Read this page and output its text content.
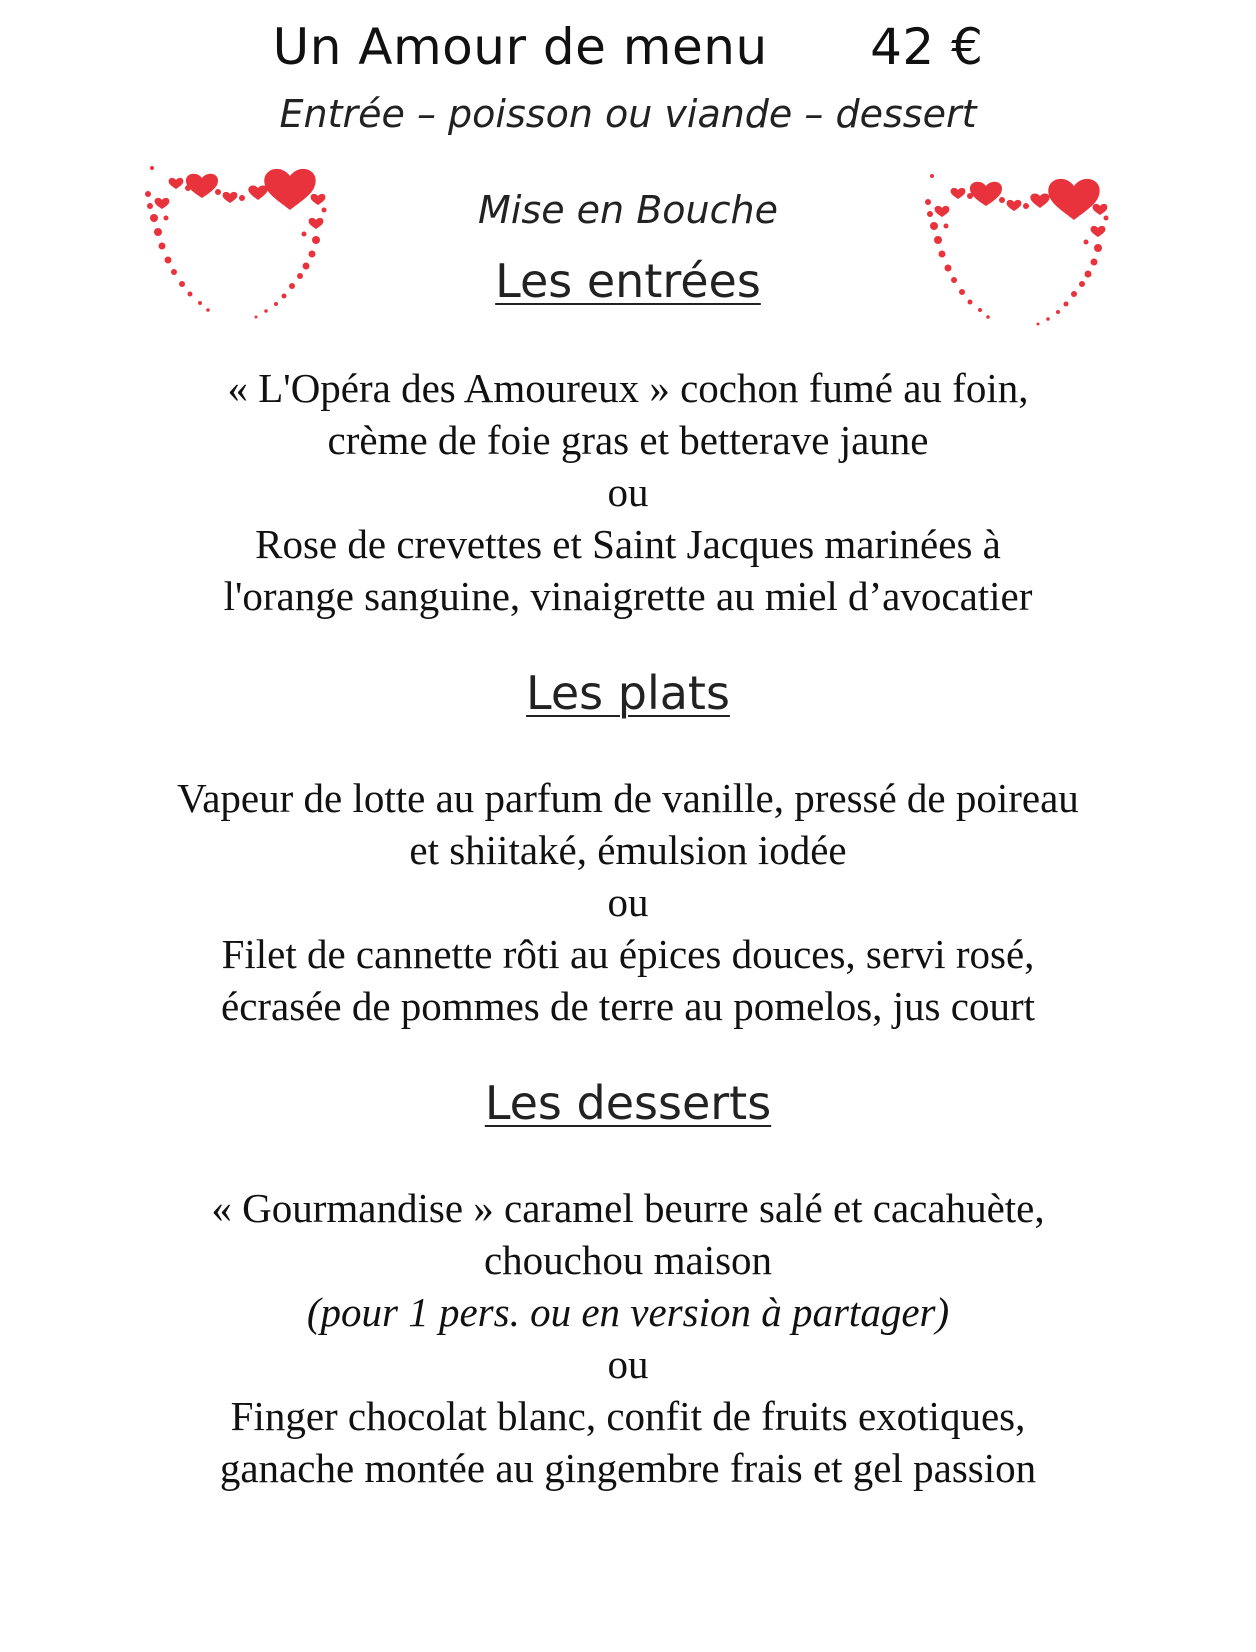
Un Amour de menu 42 €
Entrée – poisson ou viande – dessert
Mise en Bouche
Les entrées
« L'Opéra des Amoureux » cochon fumé au foin,
crème de foie gras et betterave jaune
ou
Rose de crevettes et Saint Jacques marinées à
l'orange sanguine, vinaigrette au miel d’avocatier
Les plats
Vapeur de lotte au parfum de vanille, pressé de poireau
et shiitaké, émulsion iodée
ou
Filet de cannette rôti au épices douces, servi rosé,
écrasée de pommes de terre au pomelos, jus court
Les desserts
« Gourmandise » caramel beurre salé et cacahuète,
chouchou maison
(pour 1 pers. ou en version à partager)
ou
Finger chocolat blanc, confit de fruits exotiques,
ganache montée au gingembre frais et gel passion
